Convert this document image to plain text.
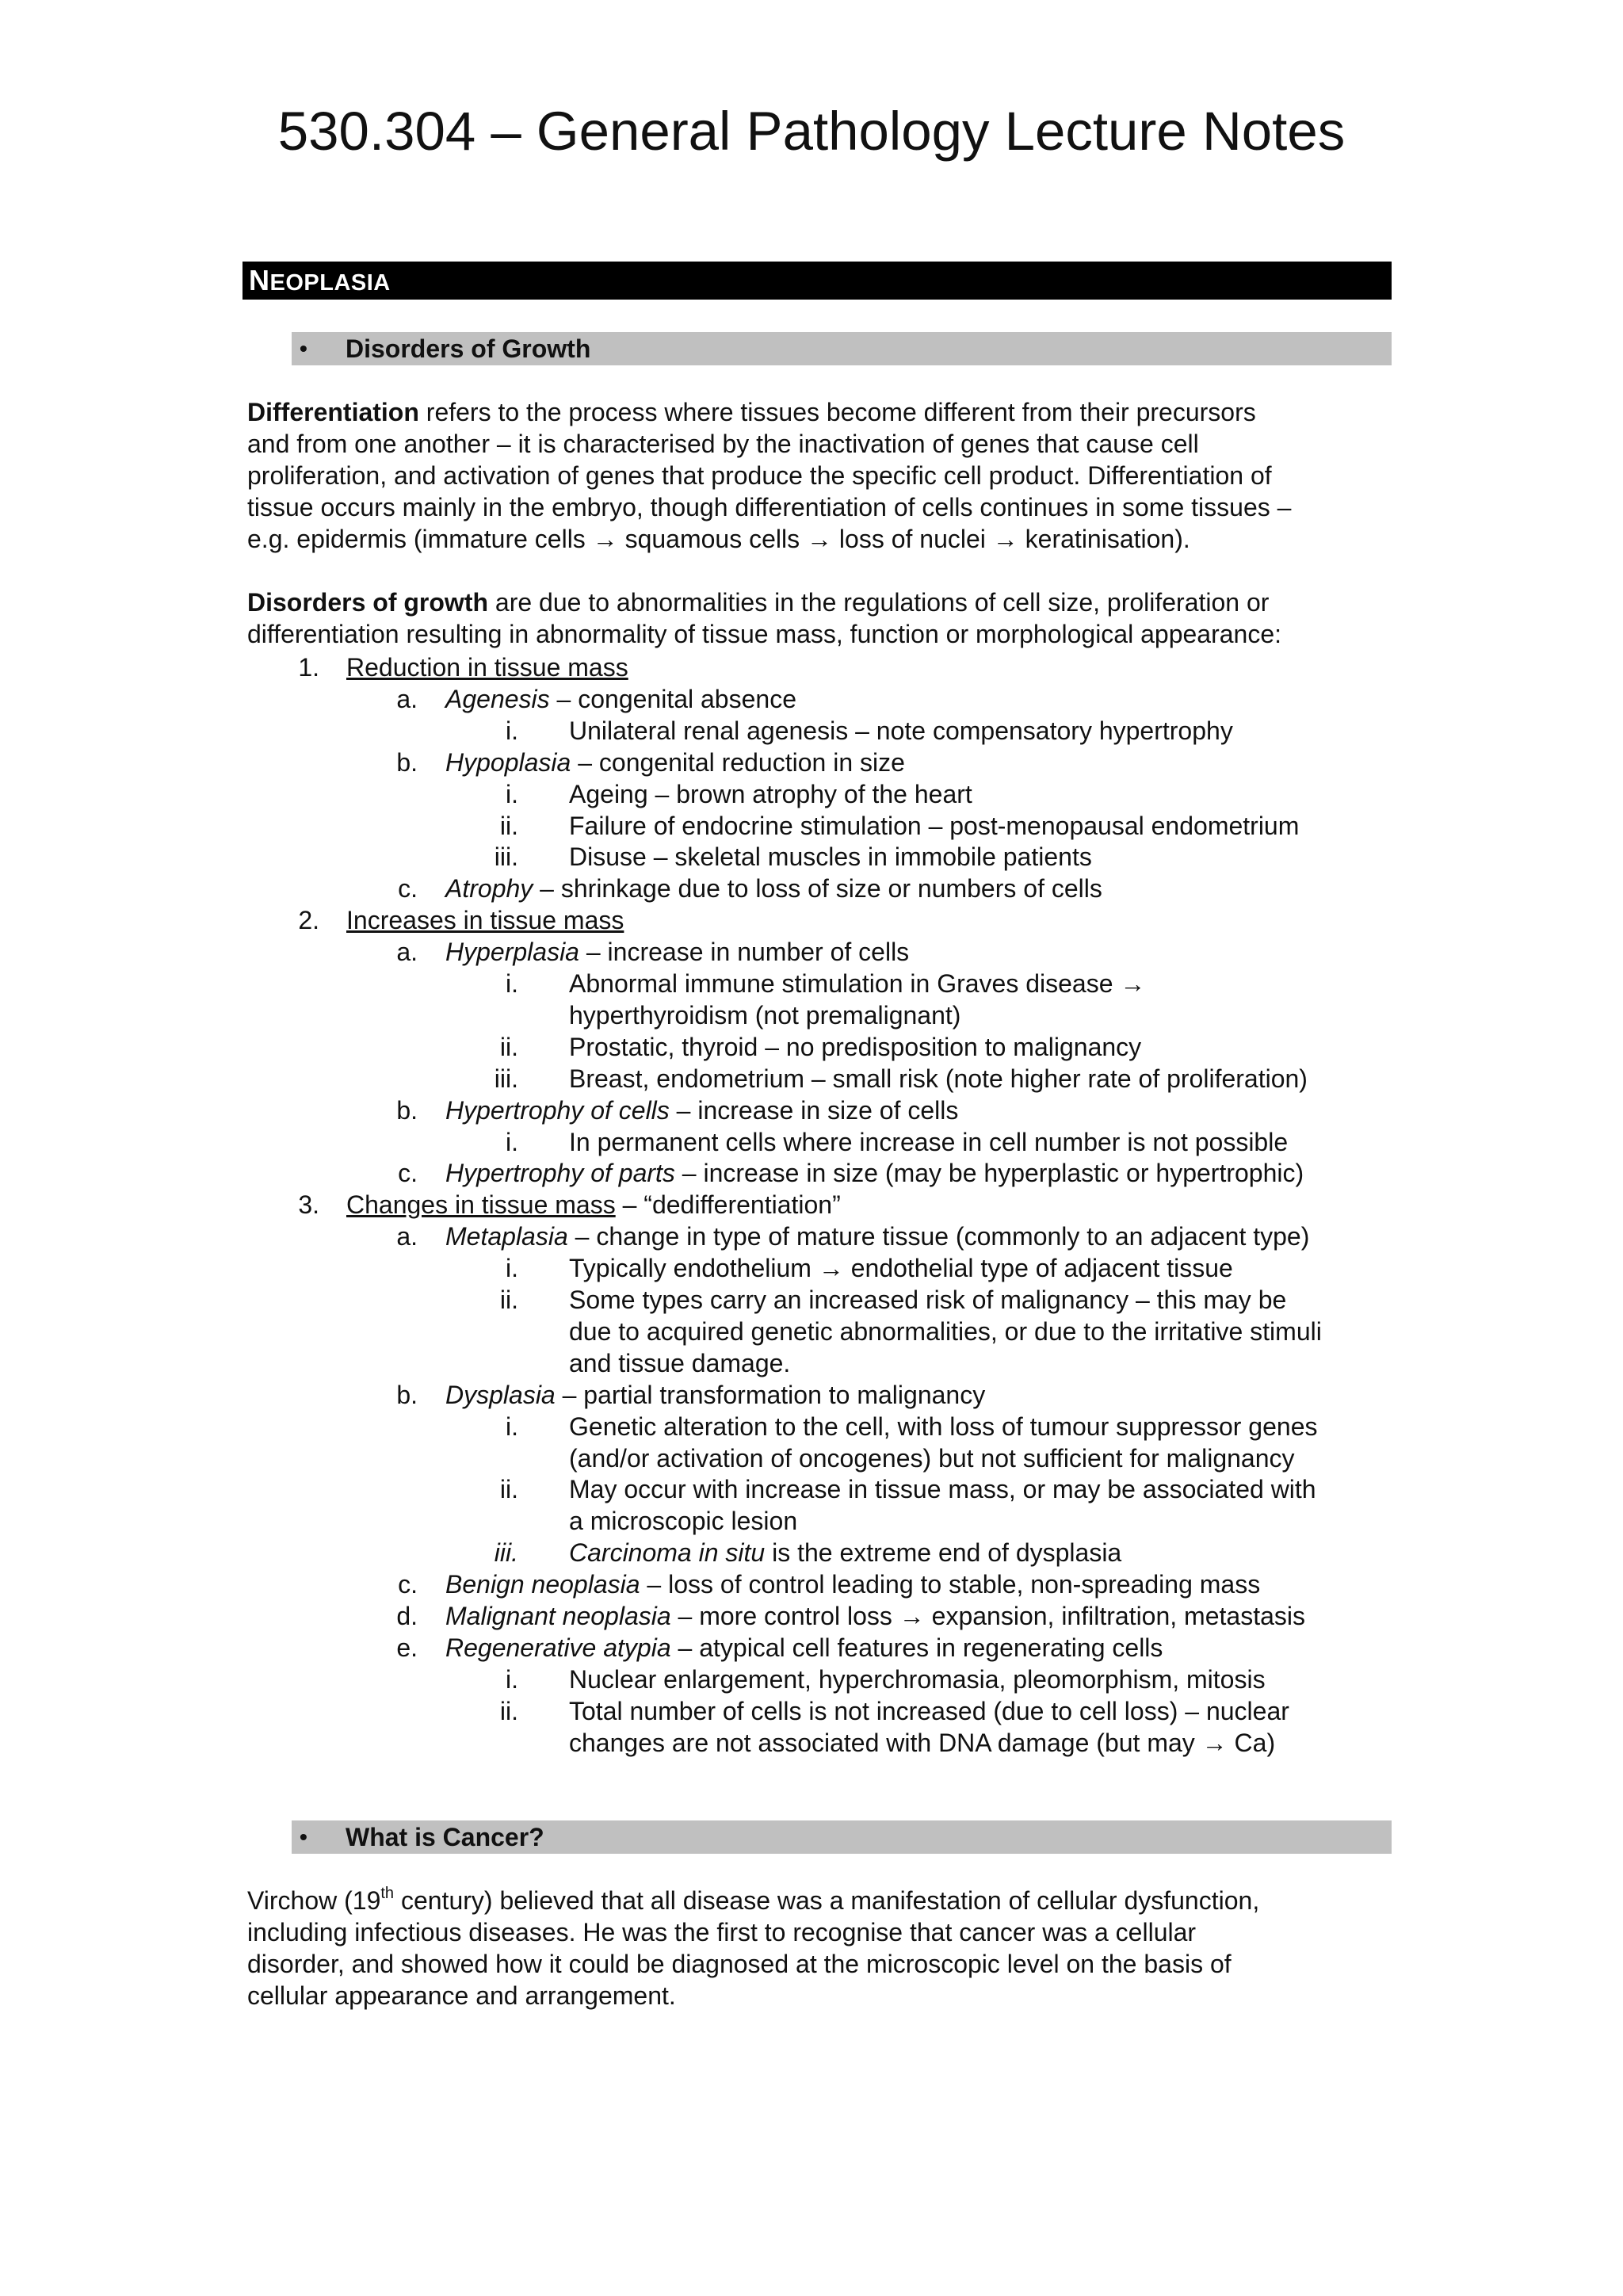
530.304 – General Pathology Lecture Notes
NEOPLASIA
• Disorders of Growth

Differentiation refers to the process where tissues become different from their precursors

and from one another – it is characterised by the inactivation of genes that cause cell

proliferation, and activation of genes that produce the specific cell product. Differentiation of

tissue occurs mainly in the embryo, though differentiation of cells continues in some tissues –

e.g. epidermis (immature cells → squamous cells → loss of nuclei → keratinisation).

Disorders of growth are due to abnormalities in the regulations of cell size, proliferation or

differentiation resulting in abnormality of tissue mass, function or morphological appearance:

1. Reduction in tissue mass
a. Agenesis – congenital absence
i. Unilateral renal agenesis – note compensatory hypertrophy
b. Hypoplasia – congenital reduction in size
i. Ageing – brown atrophy of the heart
ii. Failure of endocrine stimulation – post-menopausal endometrium
iii. Disuse – skeletal muscles in immobile patients
c. Atrophy – shrinkage due to loss of size or numbers of cells
2. Increases in tissue mass
a. Hyperplasia – increase in number of cells
i. Abnormal immune stimulation in Graves disease →
hyperthyroidism (not premalignant)
ii. Prostatic, thyroid – no predisposition to malignancy
iii. Breast, endometrium – small risk (note higher rate of proliferation)
b. Hypertrophy of cells – increase in size of cells
i. In permanent cells where increase in cell number is not possible
c. Hypertrophy of parts – increase in size (may be hyperplastic or hypertrophic)
3. Changes in tissue mass – “dedifferentiation”
a. Metaplasia – change in type of mature tissue (commonly to an adjacent type)
i. Typically endothelium → endothelial type of adjacent tissue
ii. Some types carry an increased risk of malignancy – this may be
due to acquired genetic abnormalities, or due to the irritative stimuli
and tissue damage.
b. Dysplasia – partial transformation to malignancy
i. Genetic alteration to the cell, with loss of tumour suppressor genes
(and/or activation of oncogenes) but not sufficient for malignancy
ii. May occur with increase in tissue mass, or may be associated with
a microscopic lesion
iii. Carcinoma in situ is the extreme end of dysplasia
c. Benign neoplasia – loss of control leading to stable, non-spreading mass
d. Malignant neoplasia – more control loss → expansion, infiltration, metastasis
e. Regenerative atypia – atypical cell features in regenerating cells
i. Nuclear enlargement, hyperchromasia, pleomorphism, mitosis
ii. Total number of cells is not increased (due to cell loss) – nuclear
changes are not associated with DNA damage (but may → Ca)
• What is Cancer?

Virchow (19th century) believed that all disease was a manifestation of cellular dysfunction,

including infectious diseases. He was the first to recognise that cancer was a cellular

disorder, and showed how it could be diagnosed at the microscopic level on the basis of

cellular appearance and arrangement.
